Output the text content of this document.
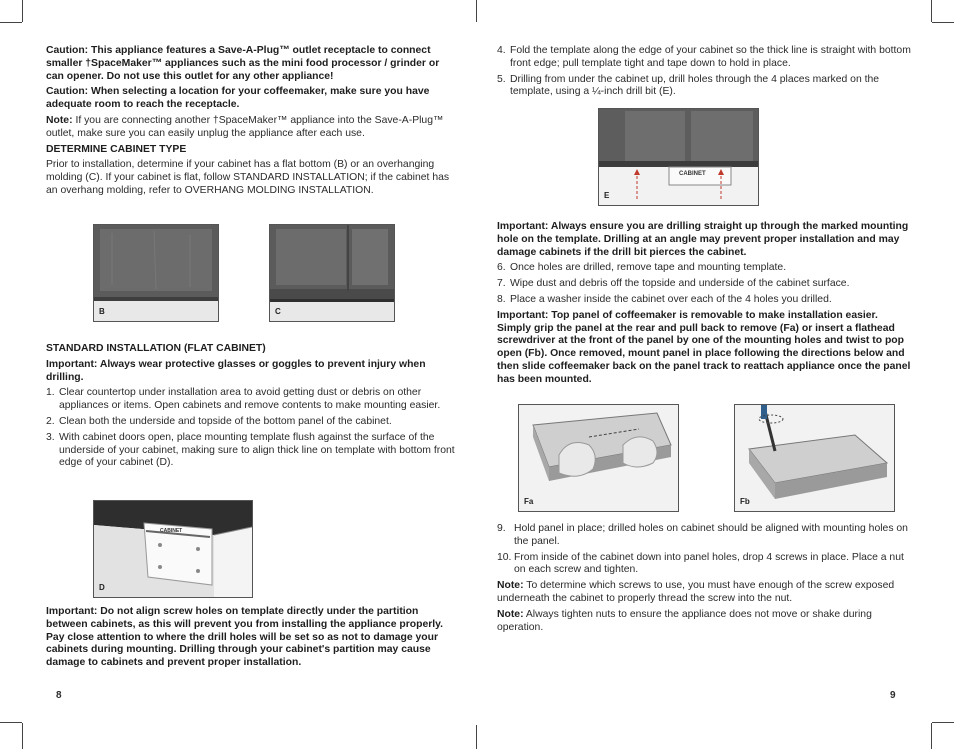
Caution: This appliance features a Save-A-Plug™ outlet receptacle to connect smaller †SpaceMaker™ appliances such as the mini food processor / grinder or can opener. Do not use this outlet for any other appliance!

Caution: When selecting a location for your coffeemaker, make sure you have adequate room to reach the receptacle.

Note: If you are connecting another †SpaceMaker™ appliance into the Save-A-Plug™ outlet, make sure you can easily unplug the appliance after each use.

DETERMINE CABINET TYPE

Prior to installation, determine if your cabinet has a flat bottom (B) or an overhanging molding (C). If your cabinet is flat, follow STANDARD INSTALLATION; if the cabinet has an overhang molding, refer to OVERHANG MOLDING INSTALLATION.

B	C

STANDARD INSTALLATION (FLAT CABINET)

Important: Always wear protective glasses or goggles to prevent injury when drilling.

1. Clear countertop under installation area to avoid getting dust or debris on other appliances or items. Open cabinets and remove contents to make mounting easier.
2. Clean both the underside and topside of the bottom panel of the cabinet.
3. With cabinet doors open, place mounting template flush against the surface of the underside of your cabinet, making sure to align thick line on template with bottom front edge of your cabinet (D).
CABINET
D

Important: Do not align screw holes on template directly under the partition between cabinets, as this will prevent you from installing the appliance properly. Pay close attention to where the drill holes will be set so as not to damage your cabinets during mounting. Drilling through your cabinet's partition may cause damage to cabinets and prevent proper installation.

8
4. Fold the template along the edge of your cabinet so the thick line is straight with bottom front edge; pull template tight and tape down to hold in place.
5. Drilling from under the cabinet up, drill holes through the 4 places marked on the template, using a ¼-inch drill bit (E).
CABINET
E

Important: Always ensure you are drilling straight up through the marked mounting hole on the template. Drilling at an angle may prevent proper installation and may damage cabinets if the drill bit pierces the cabinet.

6. Once holes are drilled, remove tape and mounting template.
7. Wipe dust and debris off the topside and underside of the cabinet surface.
8. Place a washer inside the cabinet over each of the 4 holes you drilled.

Important: Top panel of coffeemaker is removable to make installation easier. Simply grip the panel at the rear and pull back to remove (Fa) or insert a flathead screwdriver at the front of the panel by one of the mounting holes and twist to pop open (Fb). Once removed, mount panel in place following the directions below and then slide coffeemaker back on the panel track to reattach appliance once the panel has been mounted.

Fa	Fb
9. Hold panel in place; drilled holes on cabinet should be aligned with mounting holes on the panel.
10. From inside of the cabinet down into panel holes, drop 4 screws in place. Place a nut on each screw and tighten.

Note: To determine which screws to use, you must have enough of the screw exposed underneath the cabinet to properly thread the screw into the nut.

Note: Always tighten nuts to ensure the appliance does not move or shake during operation.

9
